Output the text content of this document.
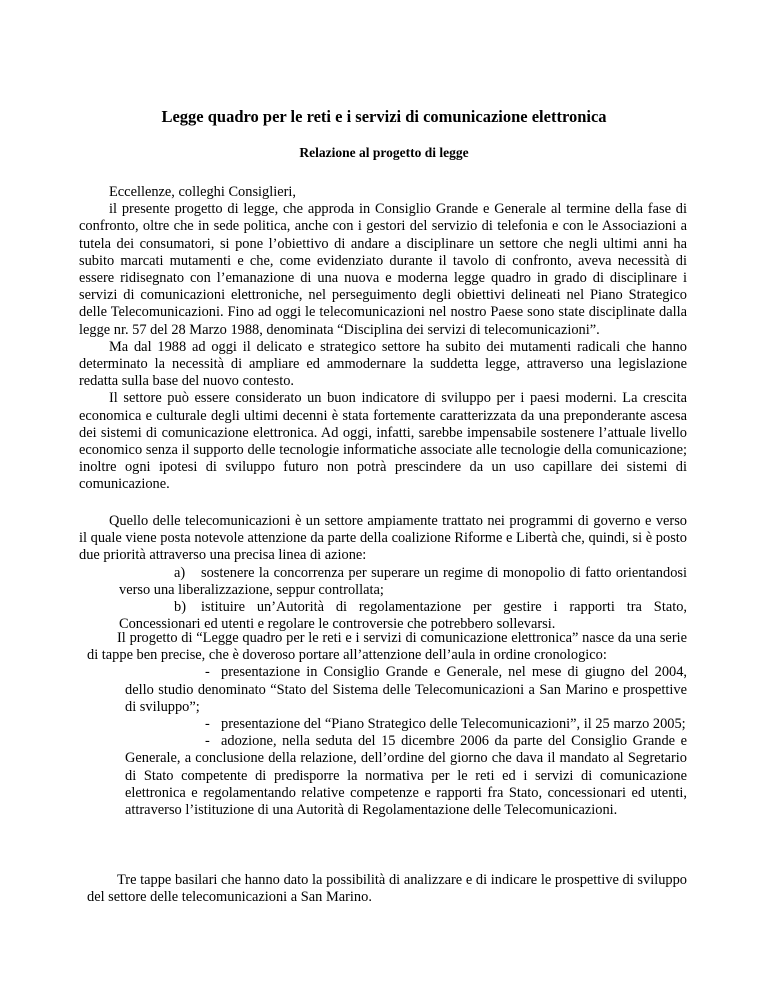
Legge quadro per le reti e i servizi di comunicazione elettronica
Relazione al progetto di legge

Eccellenze, colleghi Consiglieri,

il presente progetto di legge, che approda in Consiglio Grande e Generale al termine della fase di confronto, oltre che in sede politica, anche con i gestori del servizio di telefonia e con le Associazioni a tutela dei consumatori, si pone l’obiettivo di andare a disciplinare un settore che negli ultimi anni ha subito marcati mutamenti e che, come evidenziato durante il tavolo di confronto, aveva necessità di essere ridisegnato con l’emanazione di una nuova e moderna legge quadro in grado di disciplinare i servizi di comunicazioni elettroniche, nel perseguimento degli obiettivi delineati nel Piano Strategico delle Telecomunicazioni. Fino ad oggi le telecomunicazioni nel nostro Paese sono state disciplinate dalla legge nr. 57 del 28 Marzo 1988, denominata “Disciplina dei servizi di telecomunicazioni”.

Ma dal 1988 ad oggi il delicato e strategico settore ha subito dei mutamenti radicali che hanno determinato la necessità di ampliare ed ammodernare la suddetta legge, attraverso una legislazione redatta sulla base del nuovo contesto.

Il settore può essere considerato un buon indicatore di sviluppo per i paesi moderni. La crescita economica e culturale degli ultimi decenni è stata fortemente caratterizzata da una preponderante ascesa dei sistemi di comunicazione elettronica. Ad oggi, infatti, sarebbe impensabile sostenere l’attuale livello economico senza il supporto delle tecnologie informatiche associate alle tecnologie della comunicazione; inoltre ogni ipotesi di sviluppo futuro non potrà prescindere da un uso capillare dei sistemi di comunicazione.

Quello delle telecomunicazioni è un settore ampiamente trattato nei programmi di governo e verso il quale viene posta notevole attenzione da parte della coalizione Riforme e Libertà che, quindi, si è posto due priorità attraverso una precisa linea di azione:

a)	sostenere la concorrenza per superare un regime di monopolio di fatto orientandosi verso una liberalizzazione, seppur controllata;

b)	istituire un’Autorità di regolamentazione per gestire i rapporti tra Stato, Concessionari ed utenti e regolare le controversie che potrebbero sollevarsi.

Il progetto di “Legge quadro per le reti e i servizi di comunicazione elettronica” nasce da una serie di tappe ben precise, che è doveroso portare all’attenzione dell’aula in ordine cronologico:

- presentazione in Consiglio Grande e Generale, nel mese di giugno del 2004, dello studio denominato “Stato del Sistema delle Telecomunicazioni a San Marino e prospettive di sviluppo”;

- presentazione del “Piano Strategico delle Telecomunicazioni”, il 25 marzo 2005;

- adozione, nella seduta del 15 dicembre 2006 da parte del Consiglio Grande e Generale, a conclusione della relazione, dell’ordine del giorno che dava il mandato al Segretario di Stato competente di predisporre la normativa per le reti ed i servizi di comunicazione elettronica e regolamentando relative competenze e rapporti fra Stato, concessionari ed utenti, attraverso l’istituzione di una Autorità di Regolamentazione delle Telecomunicazioni.

Tre tappe basilari che hanno dato la possibilità di analizzare e di indicare le prospettive di sviluppo del settore delle telecomunicazioni a San Marino.
